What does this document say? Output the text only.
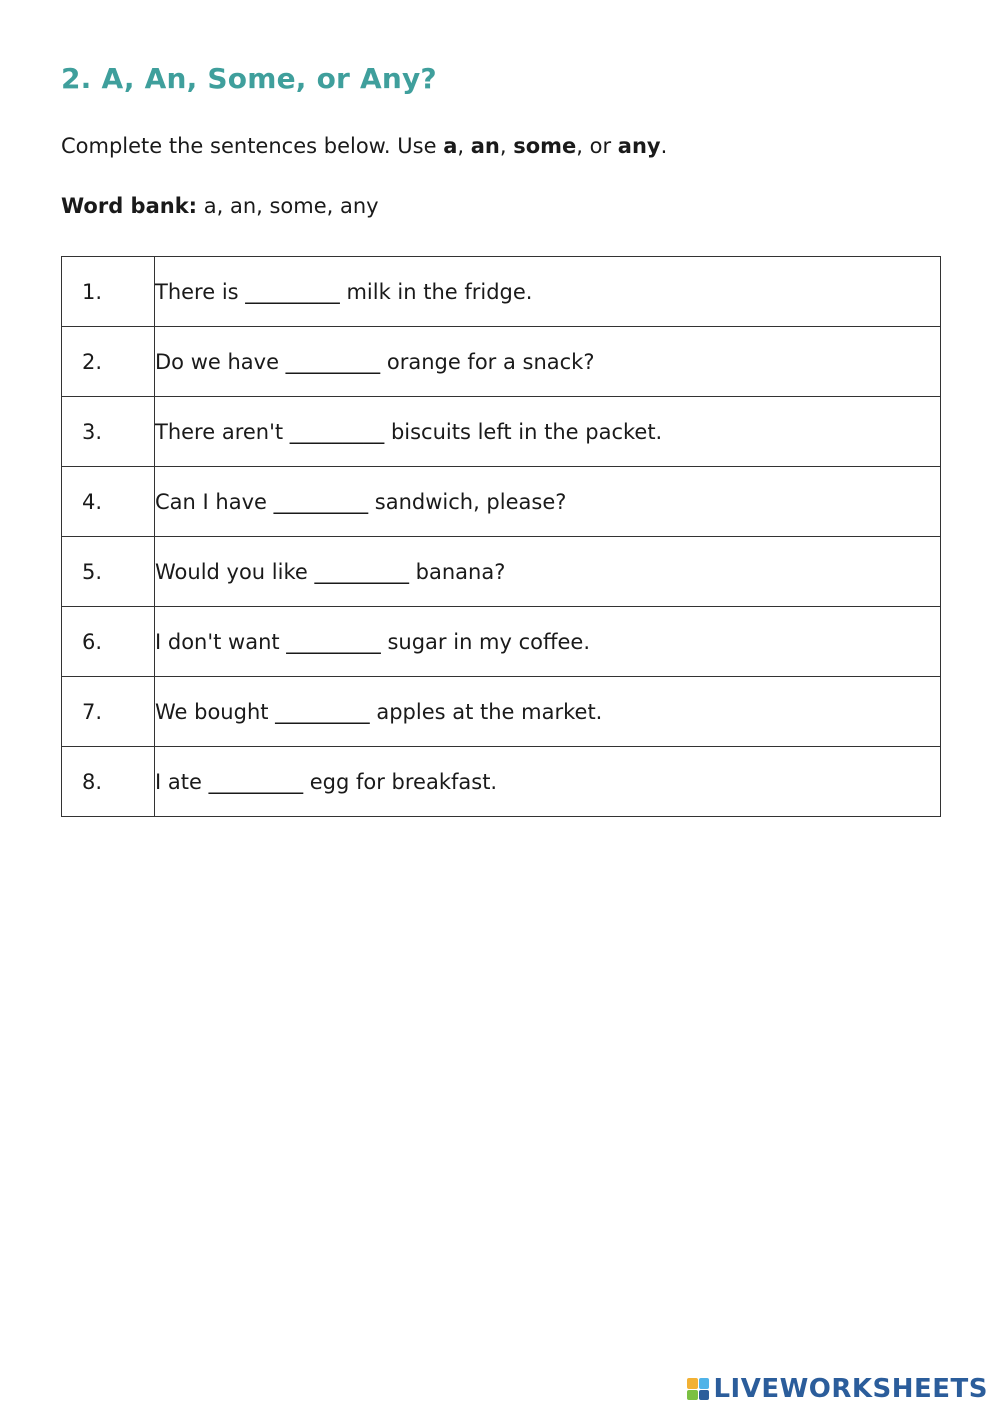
2. A, An, Some, or Any?

Complete the sentences below. Use a, an, some, or any.

Word bank: a, an, some, any

1.	There is _________ milk in the fridge.
2.	Do we have _________ orange for a snack?
3.	There aren't _________ biscuits left in the packet.
4.	Can I have _________ sandwich, please?
5.	Would you like _________ banana?
6.	I don't want _________ sugar in my coffee.
7.	We bought _________ apples at the market.
8.	I ate _________ egg for breakfast.
LIVEWORKSHEETS
